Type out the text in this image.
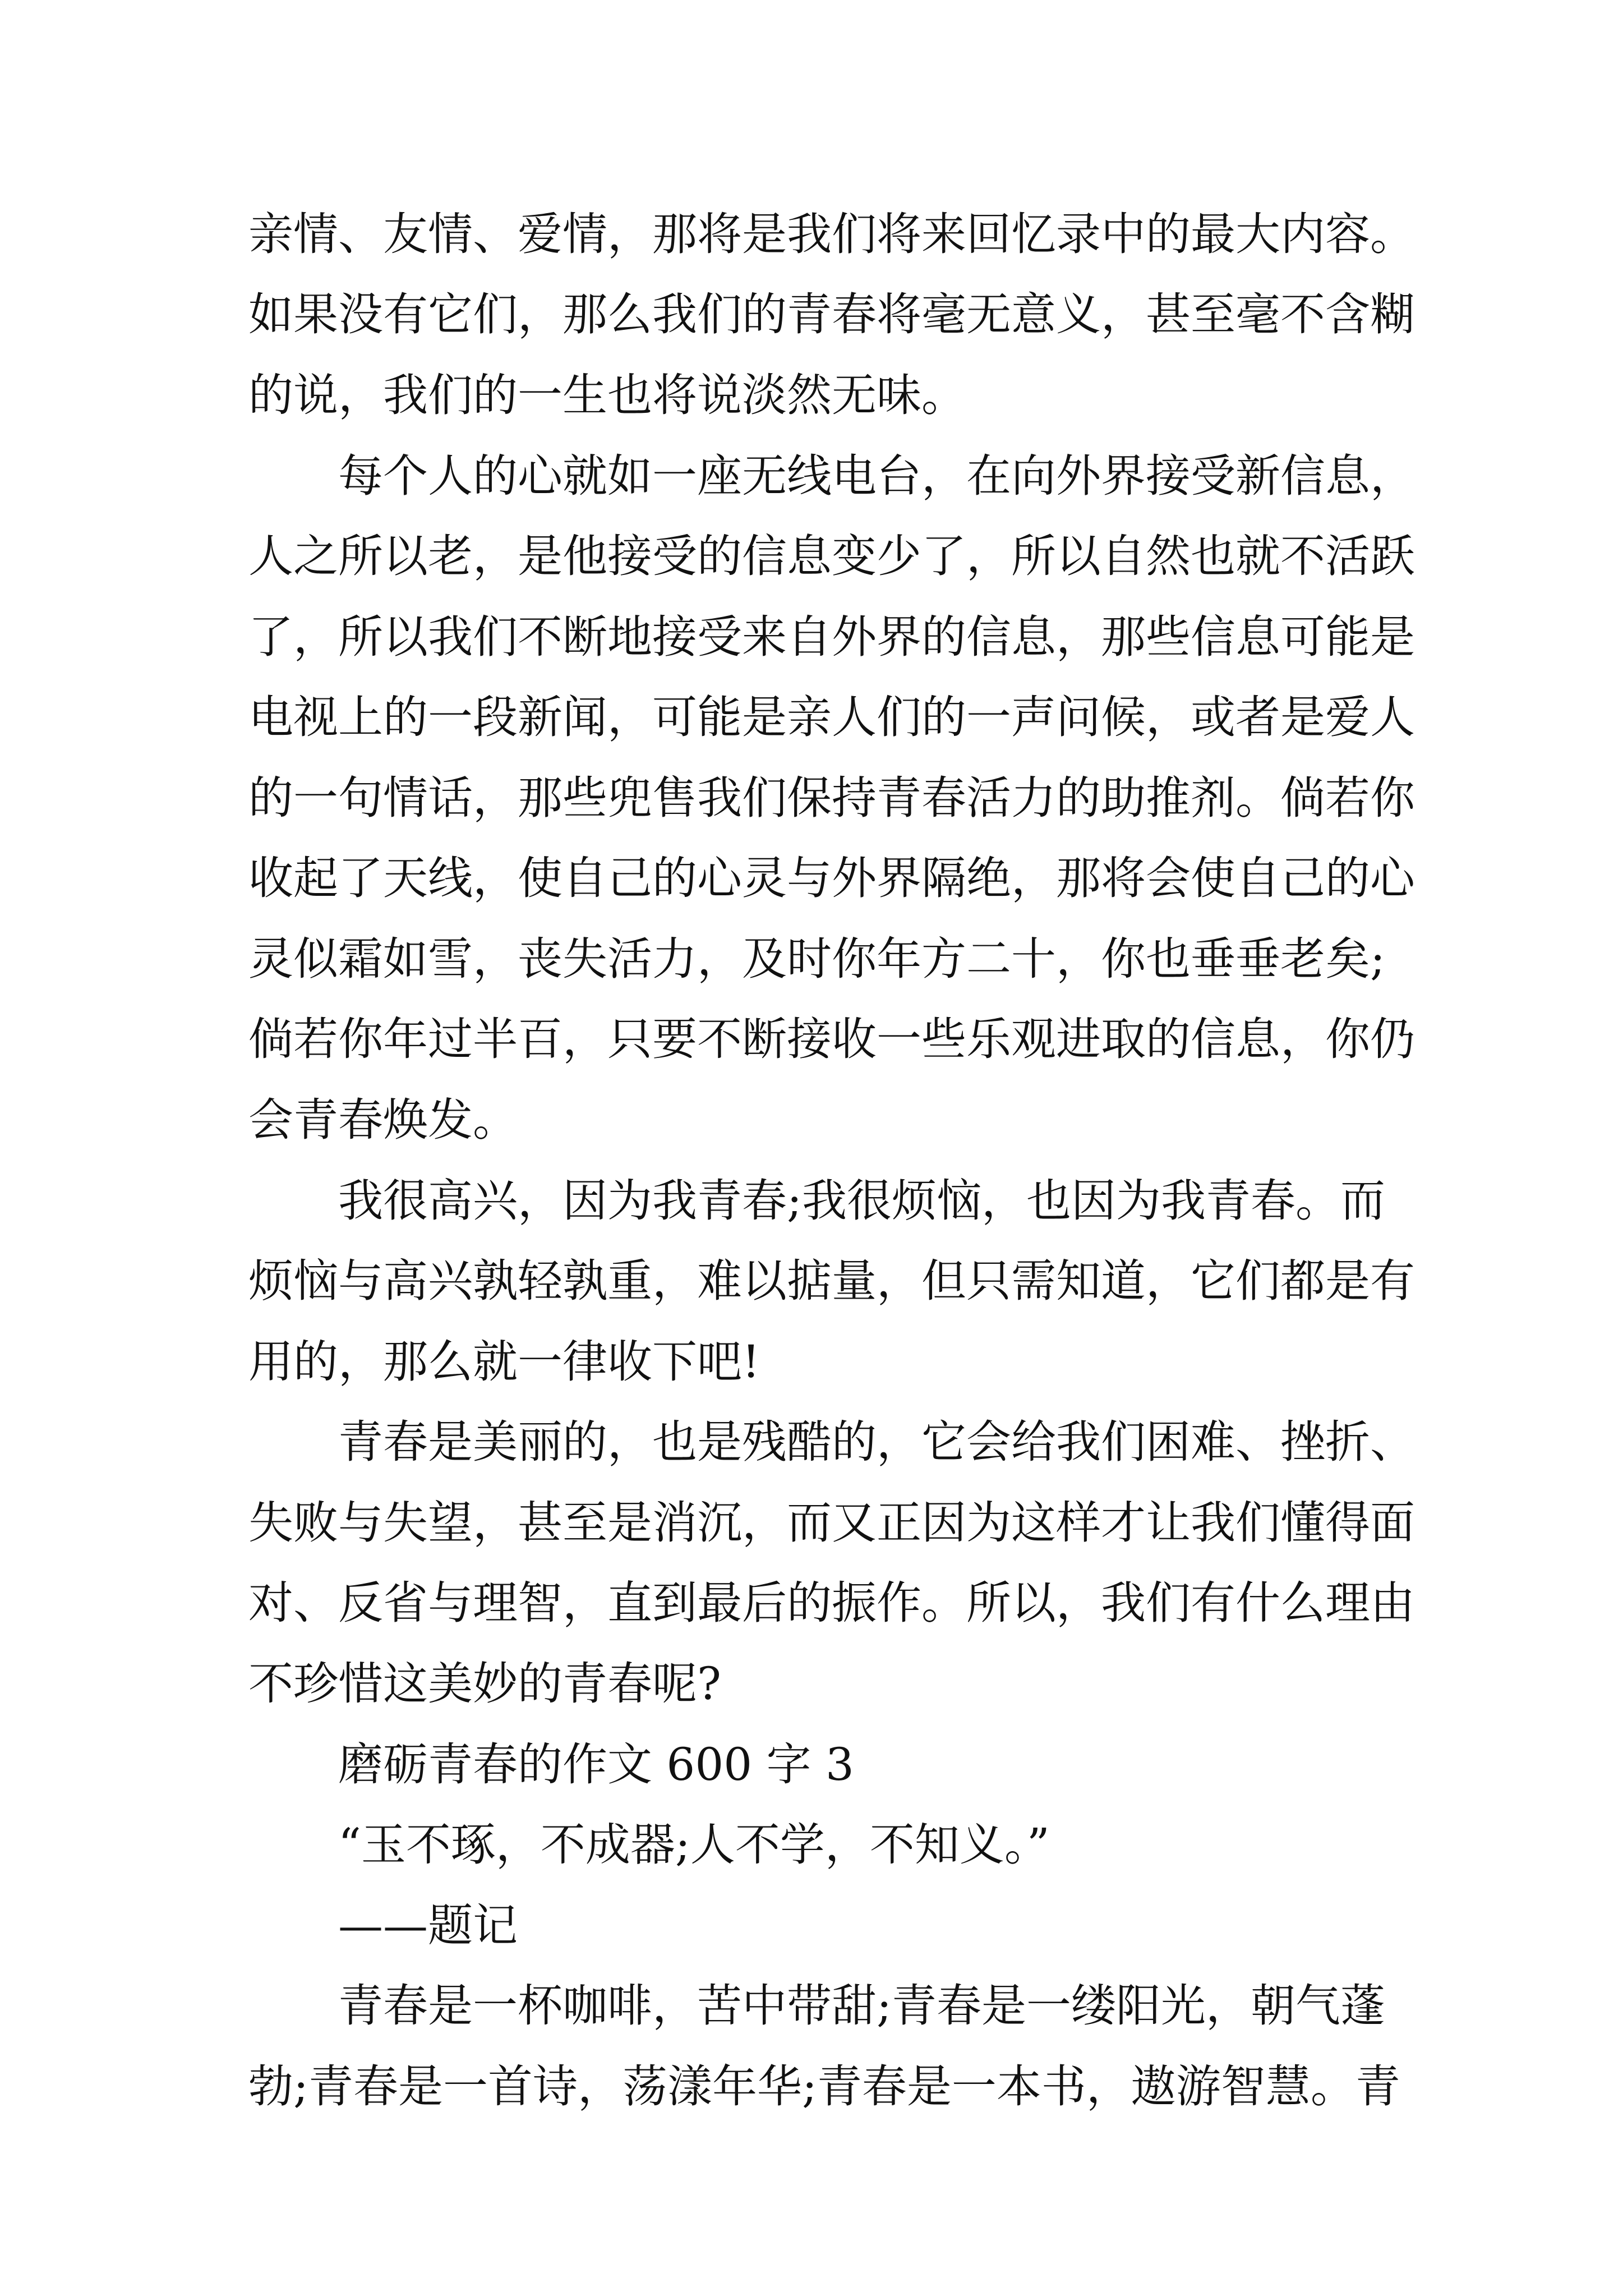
亲情、友情、爱情，那将是我们将来回忆录中的最大内容。

如果没有它们，那么我们的青春将毫无意义，甚至毫不含糊

的说，我们的一生也将说淡然无味。

每个人的心就如一座无线电台，在向外界接受新信息，

人之所以老，是他接受的信息变少了，所以自然也就不活跃

了，所以我们不断地接受来自外界的信息，那些信息可能是

电视上的一段新闻，可能是亲人们的一声问候，或者是爱人

的一句情话，那些兜售我们保持青春活力的助推剂。倘若你

收起了天线，使自己的心灵与外界隔绝，那将会使自己的心

灵似霜如雪，丧失活力，及时你年方二十，你也垂垂老矣;

倘若你年过半百，只要不断接收一些乐观进取的信息，你仍

会青春焕发。

我很高兴，因为我青春;我很烦恼，也因为我青春。而

烦恼与高兴孰轻孰重，难以掂量，但只需知道，它们都是有

用的，那么就一律收下吧!

青春是美丽的，也是残酷的，它会给我们困难、挫折、

失败与失望，甚至是消沉，而又正因为这样才让我们懂得面

对、反省与理智，直到最后的振作。所以，我们有什么理由

不珍惜这美妙的青春呢?

磨砺青春的作文 600 字 3

“玉不琢，不成器;人不学，不知义。”

——题记

青春是一杯咖啡，苦中带甜;青春是一缕阳光，朝气蓬

勃;青春是一首诗，荡漾年华;青春是一本书，遨游智慧。青
